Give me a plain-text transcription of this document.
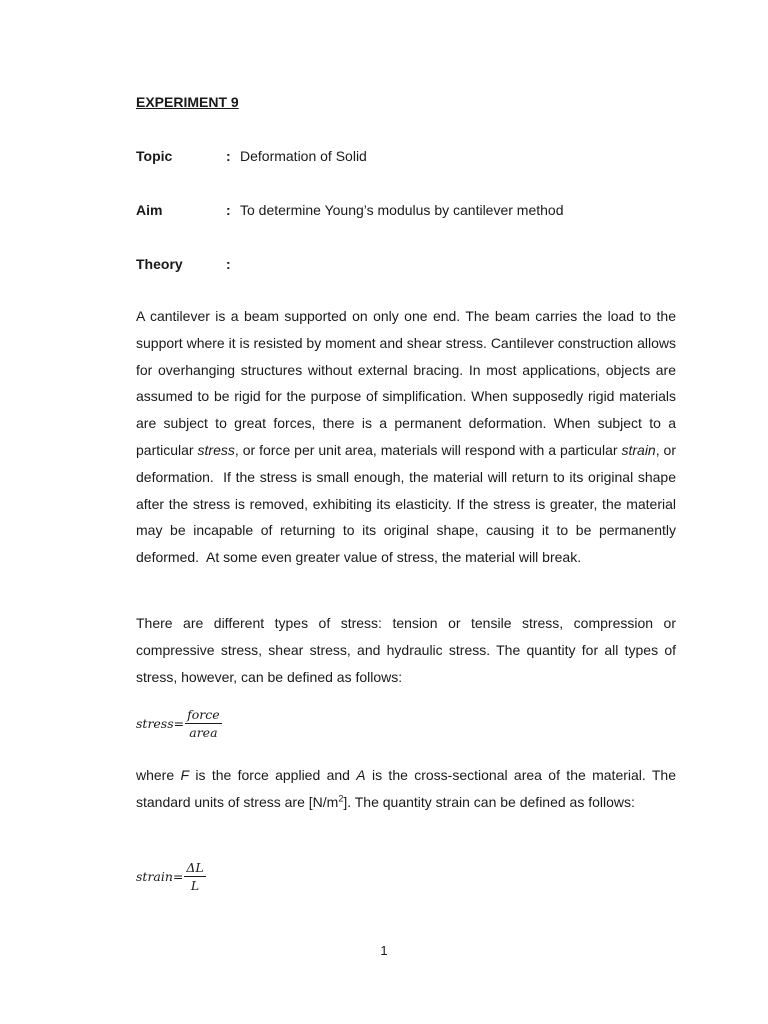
EXPERIMENT 9
Topic	: Deformation of Solid
Aim	: To determine Young’s modulus by cantilever method
Theory	:

A cantilever is a beam supported on only one end. The beam carries the load to the support where it is resisted by moment and shear stress. Cantilever construction allows for overhanging structures without external bracing. In most applications, objects are assumed to be rigid for the purpose of simplification. When supposedly rigid materials are subject to great forces, there is a permanent deformation. When subject to a particular stress, or force per unit area, materials will respond with a particular strain, or deformation.  If the stress is small enough, the material will return to its original shape after the stress is removed, exhibiting its elasticity. If the stress is greater, the material may be incapable of returning to its original shape, causing it to be permanently deformed.  At some even greater value of stress, the material will break.

There are different types of stress: tension or tensile stress, compression or compressive stress, shear stress, and hydraulic stress. The quantity for all types of stress, however, can be defined as follows:

stress= $\frac{\text{force}}{\text{area}}$

where F is the force applied and A is the cross-sectional area of the material. The standard units of stress are $[N/m^2]$. The quantity strain can be defined as follows:

strain= $\frac{\Delta L}{L}$
1
